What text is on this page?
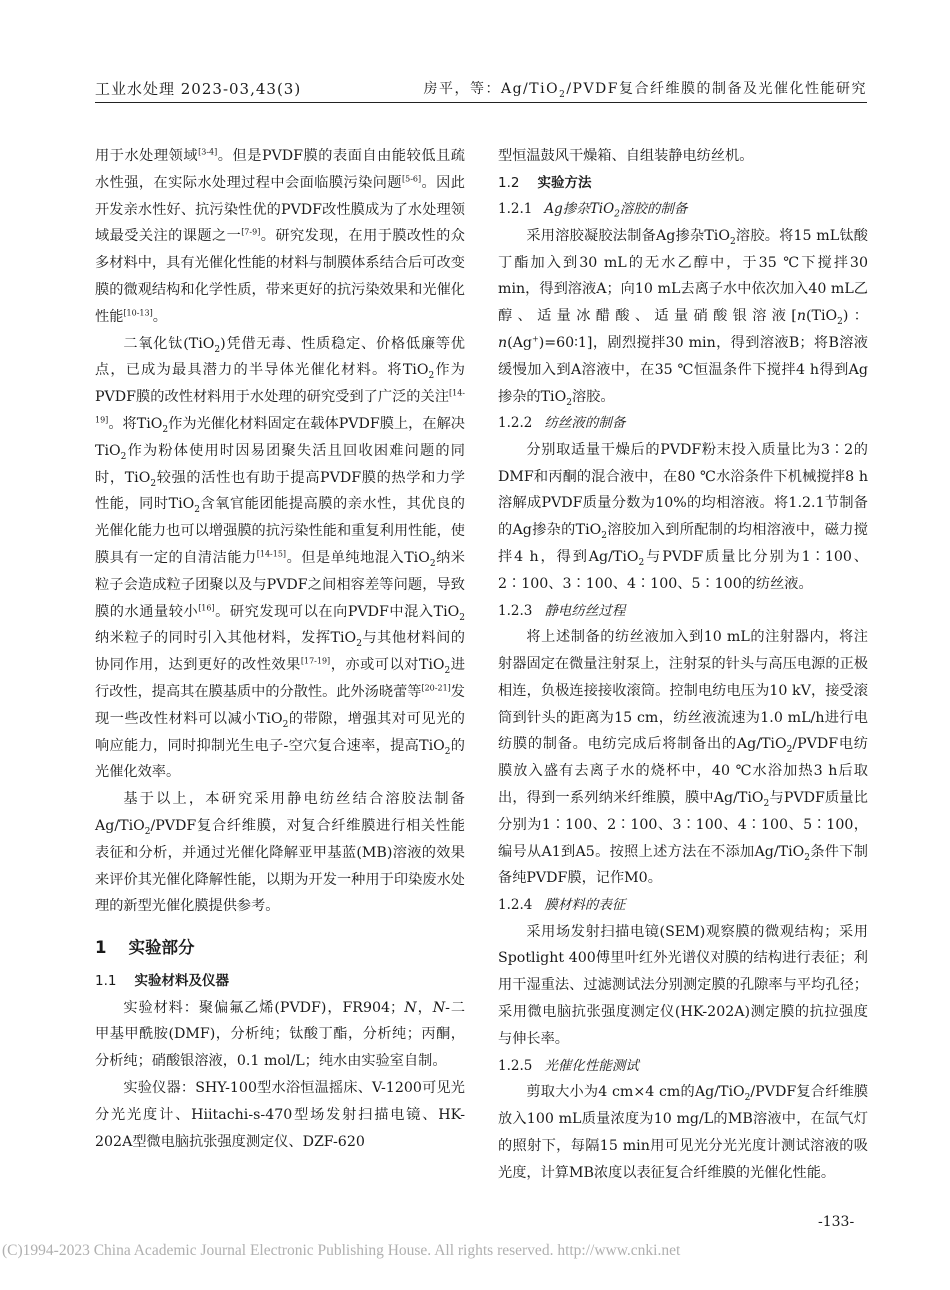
工业水处理 2023-03,43(3)	房平，等：Ag/TiO$_2$/PVDF复合纤维膜的制备及光催化性能研究

用于水处理领域[3-4]。但是PVDF膜的表面自由能较低且疏水性强，在实际水处理过程中会面临膜污染问题[5-6]。因此开发亲水性好、抗污染性优的PVDF改性膜成为了水处理领域最受关注的课题之一[7-9]。研究发现，在用于膜改性的众多材料中，具有光催化性能的材料与制膜体系结合后可改变膜的微观结构和化学性质，带来更好的抗污染效果和光催化性能[10-13]。

二氧化钛(TiO$_2$)凭借无毒、性质稳定、价格低廉等优点，已成为最具潜力的半导体光催化材料。将TiO$_2$作为PVDF膜的改性材料用于水处理的研究受到了广泛的关注[14-19]。将TiO$_2$作为光催化材料固定在载体PVDF膜上，在解决TiO$_2$作为粉体使用时因易团聚失活且回收困难问题的同时，TiO$_2$较强的活性也有助于提高PVDF膜的热学和力学性能，同时TiO$_2$含氧官能团能提高膜的亲水性，其优良的光催化能力也可以增强膜的抗污染性能和重复利用性能，使膜具有一定的自清洁能力[14-15]。但是单纯地混入TiO$_2$纳米粒子会造成粒子团聚以及与PVDF之间相容差等问题，导致膜的水通量较小[16]。研究发现可以在向PVDF中混入TiO$_2$纳米粒子的同时引入其他材料，发挥TiO$_2$与其他材料间的协同作用，达到更好的改性效果[17-19]，亦或可以对TiO$_2$进行改性，提高其在膜基质中的分散性。此外汤晓蕾等[20-21]发现一些改性材料可以减小TiO$_2$的带隙，增强其对可见光的响应能力，同时抑制光生电子-空穴复合速率，提高TiO$_2$的光催化效率。

基于以上，本研究采用静电纺丝结合溶胶法制备Ag/TiO$_2$/PVDF复合纤维膜，对复合纤维膜进行相关性能表征和分析，并通过光催化降解亚甲基蓝(MB)溶液的效果来评价其光催化降解性能，以期为开发一种用于印染废水处理的新型光催化膜提供参考。

1 实验部分
1.1 实验材料及仪器

实验材料：聚偏氟乙烯(PVDF)，FR904；N，N-二甲基甲酰胺(DMF)，分析纯；钛酸丁酯，分析纯；丙酮，分析纯；硝酸银溶液，0.1 mol/L；纯水由实验室自制。

实验仪器：SHY-100型水浴恒温摇床、V-1200可见光分光光度计、Hiitachi-s-470型场发射扫描电镜、HK-202A型微电脑抗张强度测定仪、DZF-620

型恒温鼓风干燥箱、自组装静电纺丝机。

1.2 实验方法
1.2.1 Ag掺杂TiO$_2$溶胶的制备

采用溶胶凝胶法制备Ag掺杂TiO$_2$溶胶。将15 mL钛酸丁酯加入到30 mL的无水乙醇中，于35 ℃下搅拌30 min，得到溶液A；向10 mL去离子水中依次加入40 mL乙醇、适量冰醋酸、适量硝酸银溶液[n(TiO$_2$)：n(Ag+)=60∶1]，剧烈搅拌30 min，得到溶液B；将B溶液缓慢加入到A溶液中，在35 ℃恒温条件下搅拌4 h得到Ag掺杂的TiO$_2$溶胶。

1.2.2 纺丝液的制备

分别取适量干燥后的PVDF粉末投入质量比为3∶2的DMF和丙酮的混合液中，在80 ℃水浴条件下机械搅拌8 h溶解成PVDF质量分数为10%的均相溶液。将1.2.1节制备的Ag掺杂的TiO$_2$溶胶加入到所配制的均相溶液中，磁力搅拌4 h，得到Ag/TiO$_2$与PVDF质量比分别为1∶100、2∶100、3∶100、4∶100、5∶100的纺丝液。

1.2.3 静电纺丝过程

将上述制备的纺丝液加入到10 mL的注射器内，将注射器固定在微量注射泵上，注射泵的针头与高压电源的正极相连，负极连接接收滚筒。控制电纺电压为10 kV，接受滚筒到针头的距离为15 cm，纺丝液流速为1.0 mL/h进行电纺膜的制备。电纺完成后将制备出的Ag/TiO$_2$/PVDF电纺膜放入盛有去离子水的烧杯中，40 ℃水浴加热3 h后取出，得到一系列纳米纤维膜，膜中Ag/TiO$_2$与PVDF质量比分别为1∶100、2∶100、3∶100、4∶100、5∶100，编号从A1到A5。按照上述方法在不添加Ag/TiO$_2$条件下制备纯PVDF膜，记作M0。

1.2.4 膜材料的表征

采用场发射扫描电镜(SEM)观察膜的微观结构；采用Spotlight 400傅里叶红外光谱仪对膜的结构进行表征；利用干湿重法、过滤测试法分别测定膜的孔隙率与平均孔径；采用微电脑抗张强度测定仪(HK-202A)测定膜的抗拉强度与伸长率。

1.2.5 光催化性能测试

剪取大小为4 cm×4 cm的Ag/TiO$_2$/PVDF复合纤维膜放入100 mL质量浓度为10 mg/L的MB溶液中，在氙气灯的照射下，每隔15 min用可见光分光光度计测试溶液的吸光度，计算MB浓度以表征复合纤维膜的光催化性能。

-133-
(C)1994-2023 China Academic Journal Electronic Publishing House. All rights reserved. http://www.cnki.net
